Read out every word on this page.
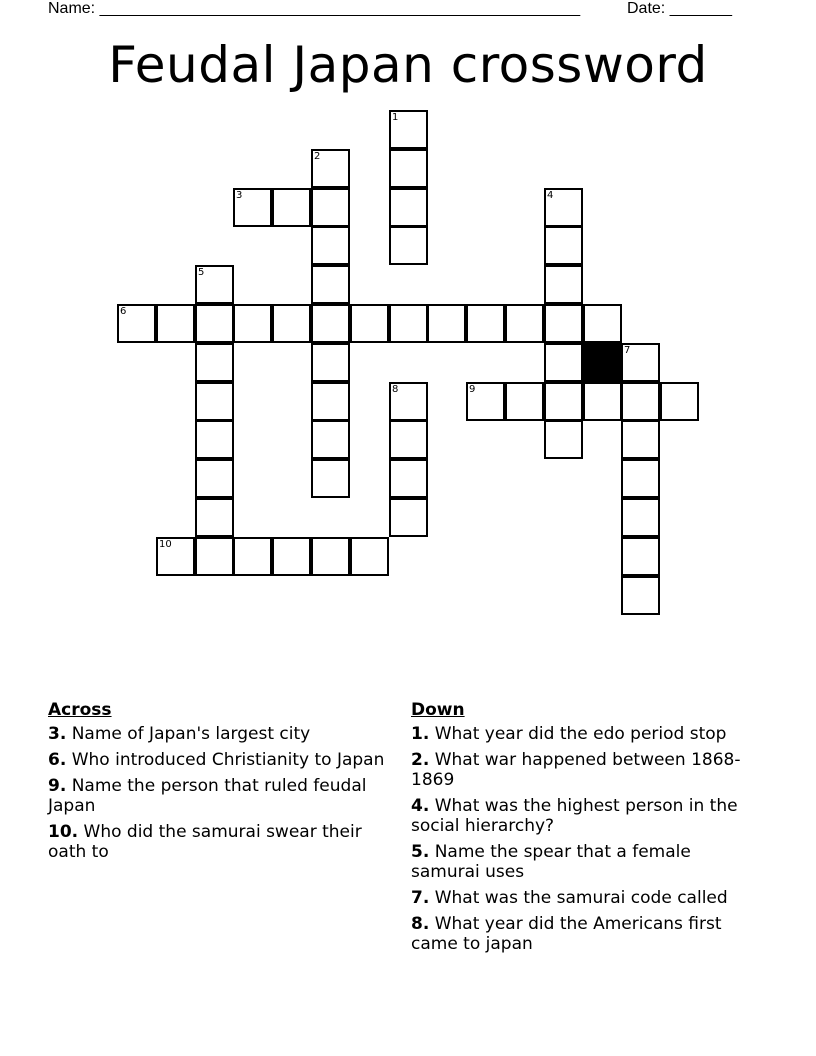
Name: ______________________________________________________	Date: _______
Feudal Japan crossword
1
2
3	4
5
6
7
8	9
10
Across
3. Name of Japan's largest city
6. Who introduced Christianity to Japan
9. Name the person that ruled feudal Japan
10. Who did the samurai swear their oath to
Down
1. What year did the edo period stop
2. What war happened between 1868-1869
4. What was the highest person in the social hierarchy?
5. Name the spear that a female samurai uses
7. What was the samurai code called
8. What year did the Americans first came to japan
